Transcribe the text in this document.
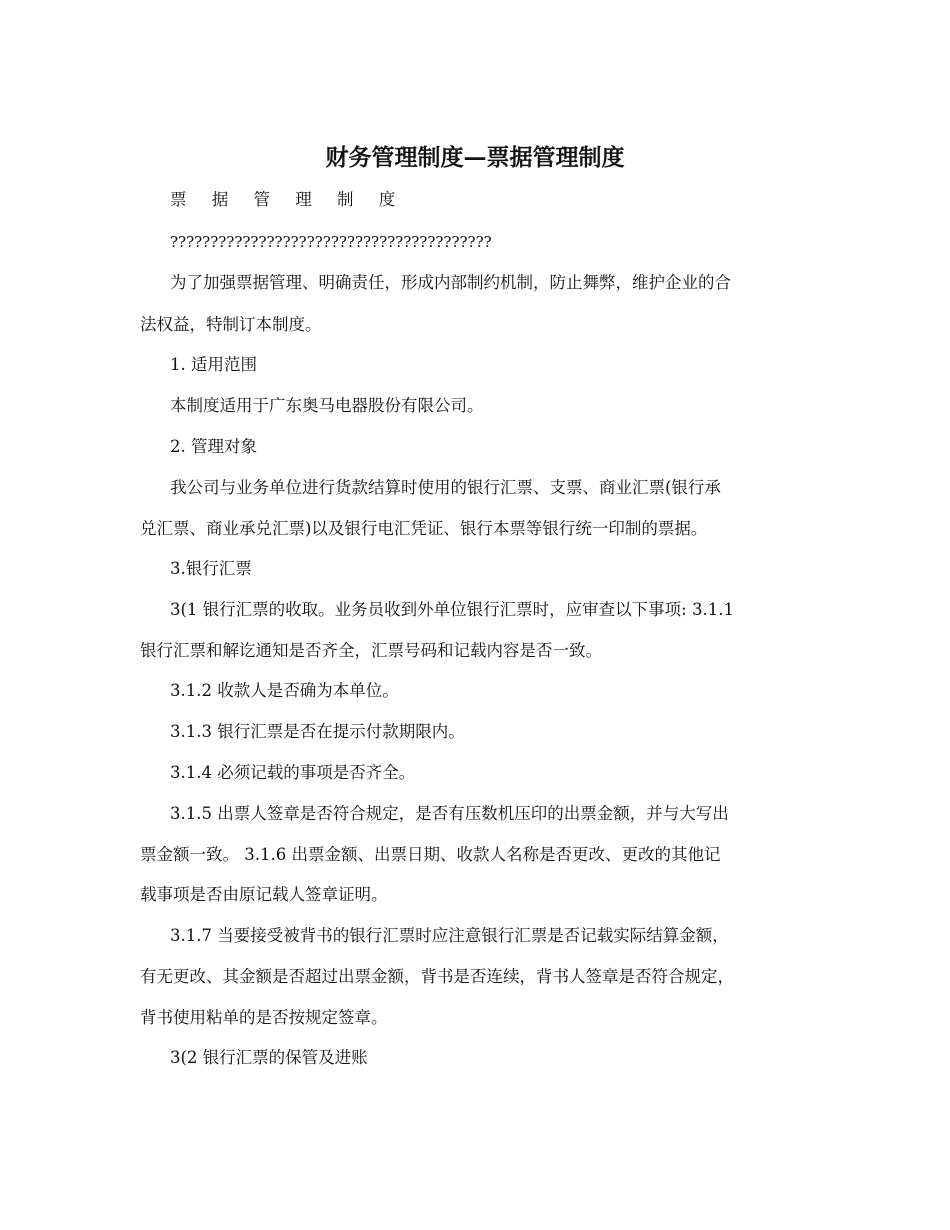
财务管理制度—票据管理制度

票 据 管 理 制 度

????????????????????????????????????????

为了加强票据管理、明确责任，形成内部制约机制，防止舞弊，维护企业的合

法权益，特制订本制度。

1. 适用范围

本制度适用于广东奥马电器股份有限公司。

2. 管理对象

我公司与业务单位进行货款结算时使用的银行汇票、支票、商业汇票(银行承

兑汇票、商业承兑汇票)以及银行电汇凭证、银行本票等银行统一印制的票据。

3.银行汇票

3(1 银行汇票的收取。业务员收到外单位银行汇票时，应审查以下事项: 3.1.1

银行汇票和解讫通知是否齐全，汇票号码和记载内容是否一致。

3.1.2 收款人是否确为本单位。

3.1.3 银行汇票是否在提示付款期限内。

3.1.4 必须记载的事项是否齐全。

3.1.5 出票人签章是否符合规定，是否有压数机压印的出票金额，并与大写出

票金额一致。 3.1.6 出票金额、出票日期、收款人名称是否更改、更改的其他记

载事项是否由原记载人签章证明。

3.1.7 当要接受被背书的银行汇票时应注意银行汇票是否记载实际结算金额，

有无更改、其金额是否超过出票金额，背书是否连续，背书人签章是否符合规定，

背书使用粘单的是否按规定签章。

3(2 银行汇票的保管及进账
